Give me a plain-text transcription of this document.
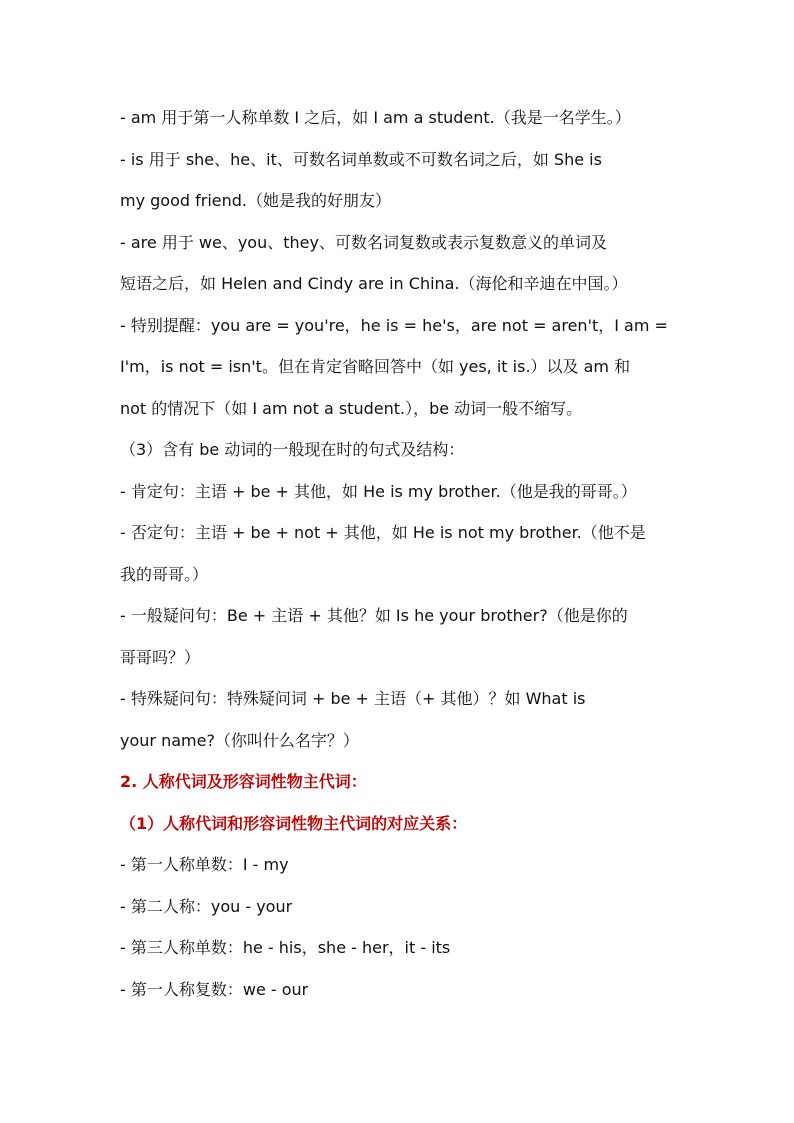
- am 用于第一人称单数 I 之后，如 I am a student.（我是一名学生。）
- is 用于 she、he、it、可数名词单数或不可数名词之后，如 She is
my good friend.（她是我的好朋友）
- are 用于 we、you、they、可数名词复数或表示复数意义的单词及
短语之后，如 Helen and Cindy are in China.（海伦和辛迪在中国。）
- 特别提醒：you are = you're，he is = he's，are not = aren't，I am =
I'm，is not = isn't。但在肯定省略回答中（如 yes, it is.）以及 am 和
not 的情况下（如 I am not a student.），be 动词一般不缩写。
（3）含有 be 动词的一般现在时的句式及结构：
- 肯定句：主语 + be + 其他，如 He is my brother.（他是我的哥哥。）
- 否定句：主语 + be + not + 其他，如 He is not my brother.（他不是
我的哥哥。）
- 一般疑问句：Be + 主语 + 其他？如 Is he your brother?（他是你的
哥哥吗？）
- 特殊疑问句：特殊疑问词 + be + 主语（+ 其他）？如 What is
your name?（你叫什么名字？）
2. 人称代词及形容词性物主代词：
（1）人称代词和形容词性物主代词的对应关系：
- 第一人称单数：I - my
- 第二人称：you - your
- 第三人称单数：he - his，she - her，it - its
- 第一人称复数：we - our
